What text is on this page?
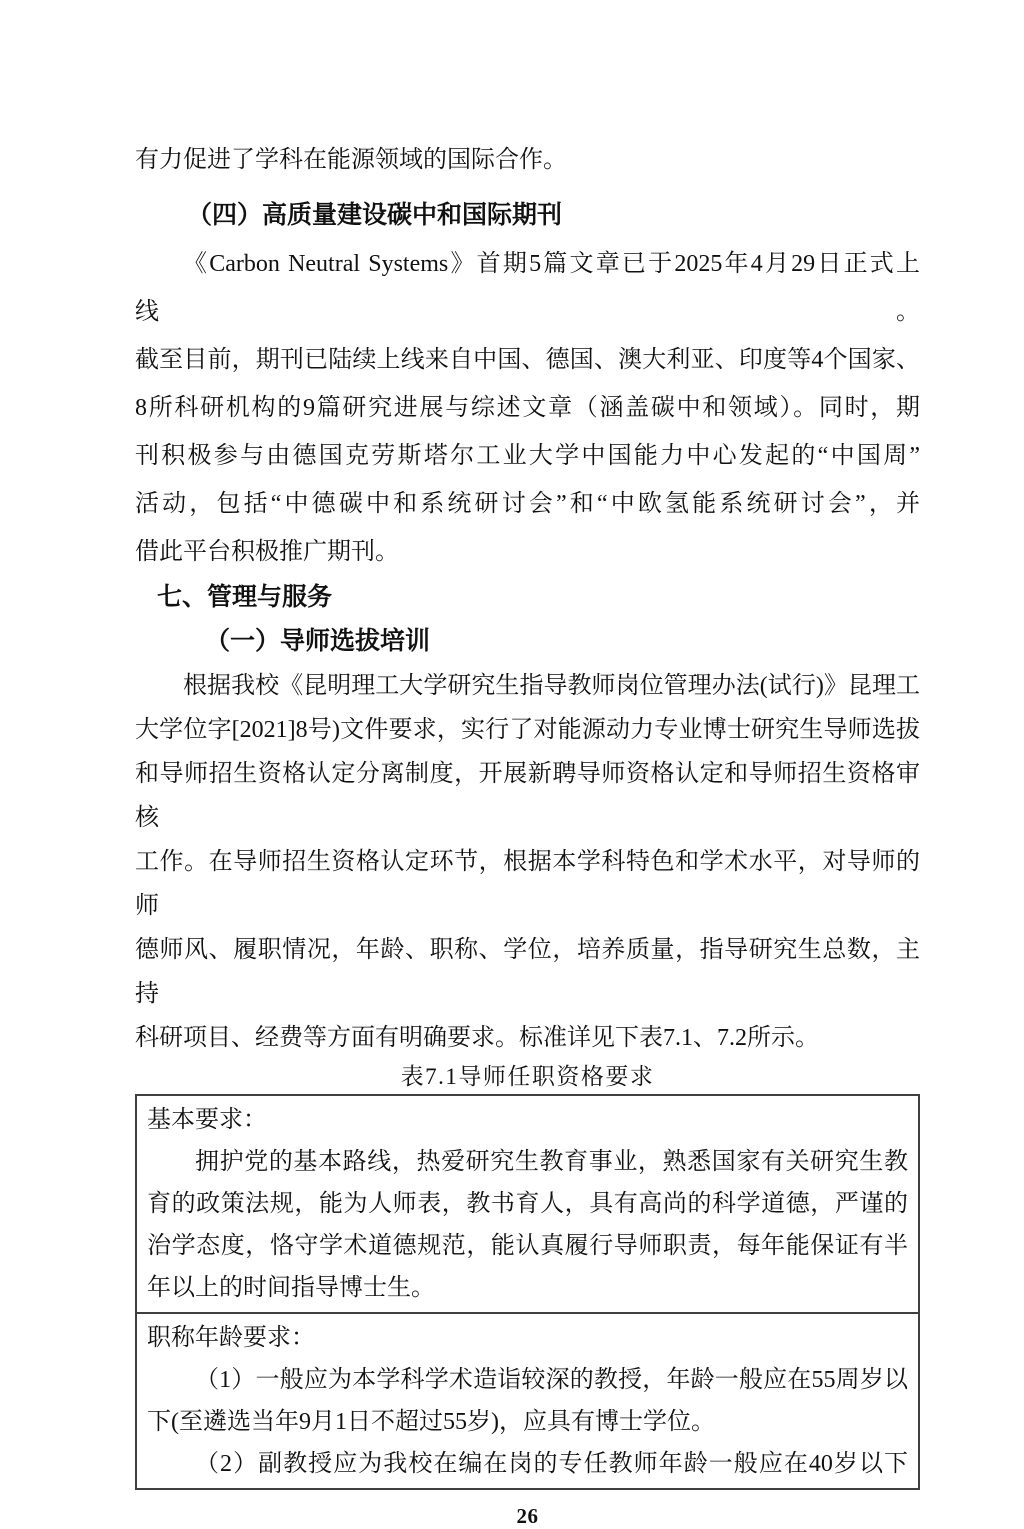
有力促进了学科在能源领域的国际合作。
（四）高质量建设碳中和国际期刊
《Carbon Neutral Systems》首期5篇文章已于2025年4月29日正式上线。
截至目前，期刊已陆续上线来自中国、德国、澳大利亚、印度等4个国家、
8所科研机构的9篇研究进展与综述文章（涵盖碳中和领域）。同时，期
刊积极参与由德国克劳斯塔尔工业大学中国能力中心发起的“中国周”
活动，包括“中德碳中和系统研讨会”和“中欧氢能系统研讨会”，并
借此平台积极推广期刊。
七、管理与服务
（一）导师选拔培训
根据我校《昆明理工大学研究生指导教师岗位管理办法(试行)》昆理工
大学位字[2021]8号)文件要求，实行了对能源动力专业博士研究生导师选拔
和导师招生资格认定分离制度，开展新聘导师资格认定和导师招生资格审核
工作。在导师招生资格认定环节，根据本学科特色和学术水平，对导师的师
德师风、履职情况，年龄、职称、学位，培养质量，指导研究生总数，主持
科研项目、经费等方面有明确要求。标准详见下表7.1、7.2所示。
表7.1导师任职资格要求
基本要求：
拥护党的基本路线，热爱研究生教育事业，熟悉国家有关研究生教
育的政策法规，能为人师表，教书育人，具有高尚的科学道德，严谨的
治学态度，恪守学术道德规范，能认真履行导师职责，每年能保证有半
年以上的时间指导博士生。
职称年龄要求：
（1）一般应为本学科学术造诣较深的教授，年龄一般应在55周岁以
下(至遴选当年9月1日不超过55岁)，应具有博士学位。
（2）副教授应为我校在编在岗的专任教师年龄一般应在40岁以下
26
